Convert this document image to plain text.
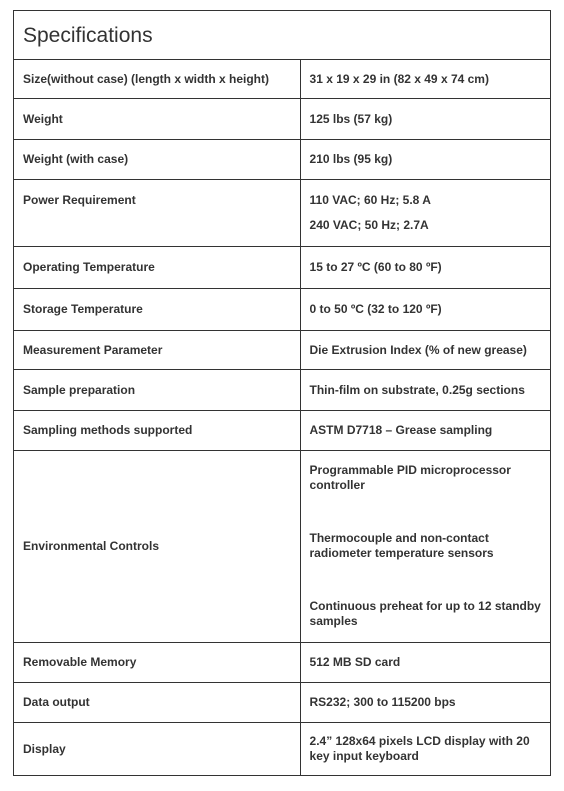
Specifications	
Size(without case) (length x width x height)	31 x 19 x 29 in (82 x 49 x 74 cm)
Weight	125 lbs (57 kg)
Weight (with case)	210 lbs (95 kg)
Power Requirement	110 VAC; 60 Hz; 5.8 A

240 VAC; 50 Hz; 2.7A

Operating Temperature	15 to 27 ºC (60 to 80 ºF)
Storage Temperature	0 to 50 ºC (32 to 120 ºF)
Measurement Parameter	Die Extrusion Index (% of new grease)
Sample preparation	Thin-film on substrate, 0.25g sections
Sampling methods supported	ASTM D7718 – Grease sampling
Environmental Controls	Programmable PID microprocessor controller

Thermocouple and non-contact radiometer temperature sensors

Continuous preheat for up to 12 standby samples

Removable Memory	512 MB SD card
Data output	RS232; 300 to 115200 bps
Display	2.4” 128x64 pixels LCD display with 20 key input keyboard
